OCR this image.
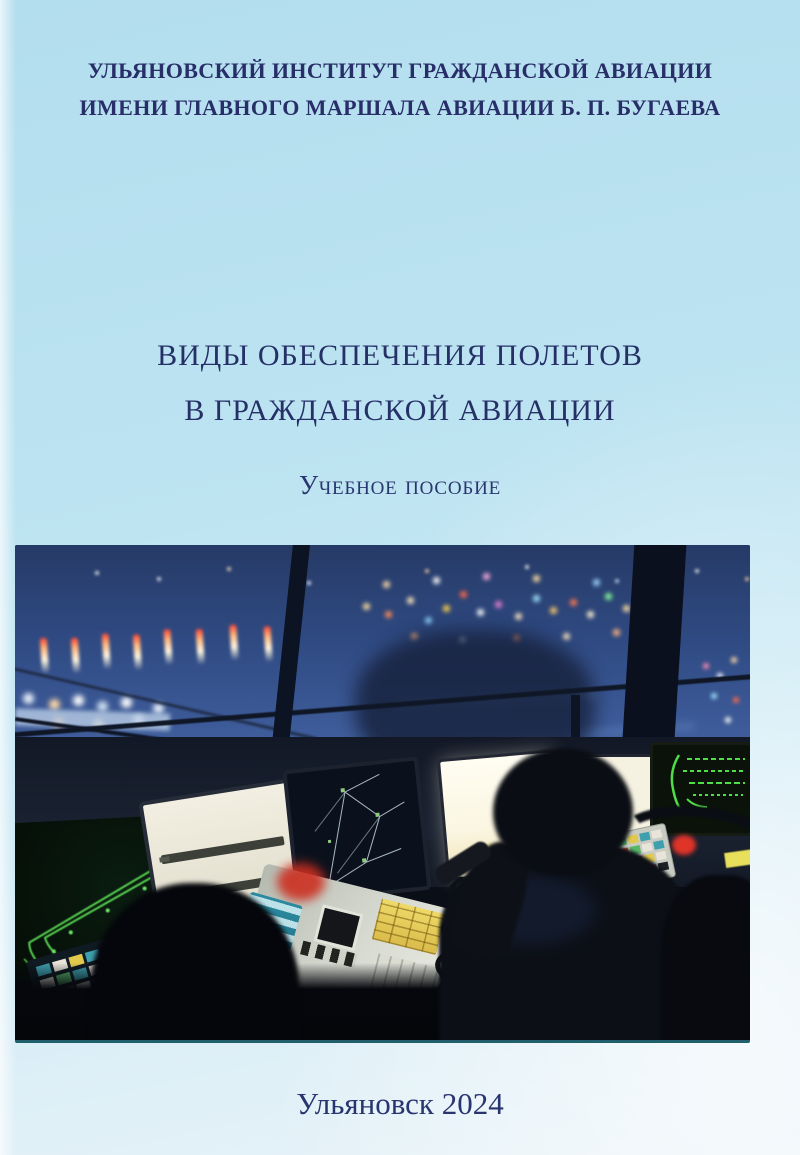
УЛЬЯНОВСКИЙ ИНСТИТУТ ГРАЖДАНСКОЙ АВИАЦИИ
ИМЕНИ ГЛАВНОГО МАРШАЛА АВИАЦИИ Б. П. БУГАЕВА
ВИДЫ ОБЕСПЕЧЕНИЯ ПОЛЕТОВ
В ГРАЖДАНСКОЙ АВИАЦИИ
Учебное пособие
Ульяновск 2024
